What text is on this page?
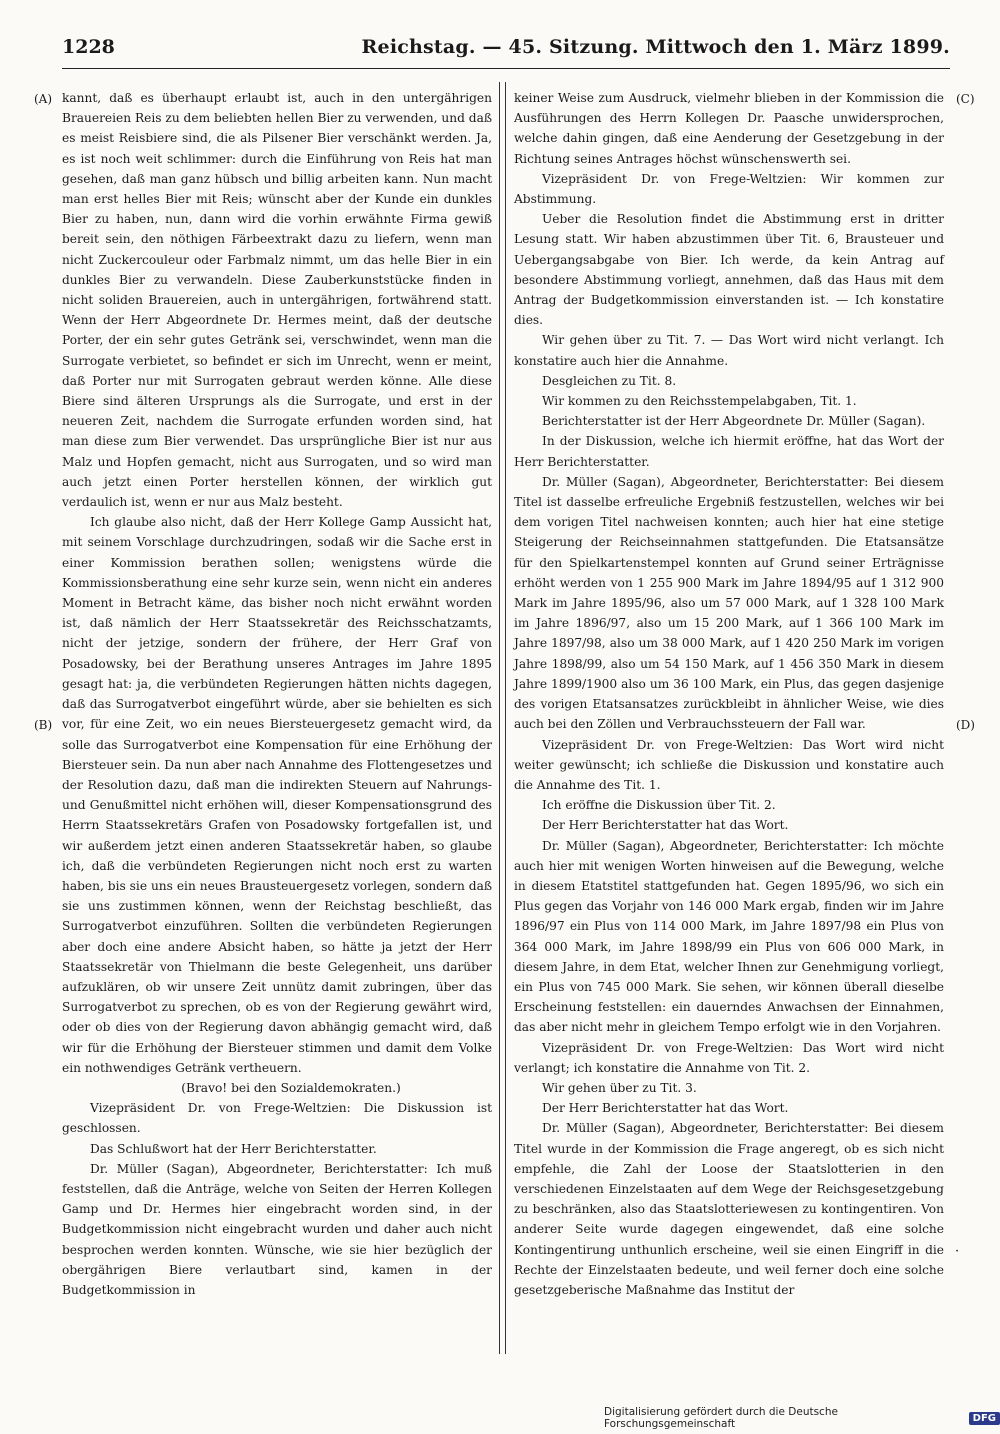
1228	Reichstag. — 45. Sitzung. Mittwoch den 1. März 1899.
(A)
(B)
(C)
(D)

kannt, daß es überhaupt erlaubt ist, auch in den untergährigen Brauereien Reis zu dem beliebten hellen Bier zu verwenden, und daß es meist Reisbiere sind, die als Pilsener Bier verschänkt werden. Ja, es ist noch weit schlimmer: durch die Einführung von Reis hat man gesehen, daß man ganz hübsch und billig arbeiten kann. Nun macht man erst helles Bier mit Reis; wünscht aber der Kunde ein dunkles Bier zu haben, nun, dann wird die vorhin erwähnte Firma gewiß bereit sein, den nöthigen Färbeextrakt dazu zu liefern, wenn man nicht Zuckercouleur oder Farbmalz nimmt, um das helle Bier in ein dunkles Bier zu verwandeln. Diese Zauberkunststücke finden in nicht soliden Brauereien, auch in untergährigen, fortwährend statt. Wenn der Herr Abgeordnete Dr. Hermes meint, daß der deutsche Porter, der ein sehr gutes Getränk sei, verschwindet, wenn man die Surrogate verbietet, so befindet er sich im Unrecht, wenn er meint, daß Porter nur mit Surrogaten gebraut werden könne. Alle diese Biere sind älteren Ursprungs als die Surrogate, und erst in der neueren Zeit, nachdem die Surrogate erfunden worden sind, hat man diese zum Bier verwendet. Das ursprüngliche Bier ist nur aus Malz und Hopfen gemacht, nicht aus Surrogaten, und so wird man auch jetzt einen Porter herstellen können, der wirklich gut verdaulich ist, wenn er nur aus Malz besteht.

Ich glaube also nicht, daß der Herr Kollege Gamp Aussicht hat, mit seinem Vorschlage durchzudringen, sodaß wir die Sache erst in einer Kommission berathen sollen; wenigstens würde die Kommissionsberathung eine sehr kurze sein, wenn nicht ein anderes Moment in Betracht käme, das bisher noch nicht erwähnt worden ist, daß nämlich der Herr Staatssekretär des Reichsschatzamts, nicht der jetzige, sondern der frühere, der Herr Graf von Posadowsky, bei der Berathung unseres Antrages im Jahre 1895 gesagt hat: ja, die verbündeten Regierungen hätten nichts dagegen, daß das Surrogatverbot eingeführt würde, aber sie behielten es sich vor, für eine Zeit, wo ein neues Biersteuergesetz gemacht wird, da solle das Surrogatverbot eine Kompensation für eine Erhöhung der Biersteuer sein. Da nun aber nach Annahme des Flottengesetzes und der Resolution dazu, daß man die indirekten Steuern auf Nahrungs- und Genußmittel nicht erhöhen will, dieser Kompensationsgrund des Herrn Staatssekretärs Grafen von Posadowsky fortgefallen ist, und wir außerdem jetzt einen anderen Staatssekretär haben, so glaube ich, daß die verbündeten Regierungen nicht noch erst zu warten haben, bis sie uns ein neues Brausteuergesetz vorlegen, sondern daß sie uns zustimmen können, wenn der Reichstag beschließt, das Surrogatverbot einzuführen. Sollten die verbündeten Regierungen aber doch eine andere Absicht haben, so hätte ja jetzt der Herr Staatssekretär von Thielmann die beste Gelegenheit, uns darüber aufzuklären, ob wir unsere Zeit unnütz damit zubringen, über das Surrogatverbot zu sprechen, ob es von der Regierung gewährt wird, oder ob dies von der Regierung davon abhängig gemacht wird, daß wir für die Erhöhung der Biersteuer stimmen und damit dem Volke ein nothwendiges Getränk vertheuern.

(Bravo! bei den Sozialdemokraten.)

Vizepräsident Dr. von Frege-Weltzien: Die Diskussion ist geschlossen.

Das Schlußwort hat der Herr Berichterstatter.

Dr. Müller (Sagan), Abgeordneter, Berichterstatter: Ich muß feststellen, daß die Anträge, welche von Seiten der Herren Kollegen Gamp und Dr. Hermes hier eingebracht worden sind, in der Budgetkommission nicht eingebracht wurden und daher auch nicht besprochen werden konnten. Wünsche, wie sie hier bezüglich der obergährigen Biere verlautbart sind, kamen in der Budgetkommission in

keiner Weise zum Ausdruck, vielmehr blieben in der Kommission die Ausführungen des Herrn Kollegen Dr. Paasche unwidersprochen, welche dahin gingen, daß eine Aenderung der Gesetzgebung in der Richtung seines Antrages höchst wünschenswerth sei.

Vizepräsident Dr. von Frege-Weltzien: Wir kommen zur Abstimmung.

Ueber die Resolution findet die Abstimmung erst in dritter Lesung statt. Wir haben abzustimmen über Tit. 6, Brausteuer und Uebergangsabgabe von Bier. Ich werde, da kein Antrag auf besondere Abstimmung vorliegt, annehmen, daß das Haus mit dem Antrag der Budgetkommission einverstanden ist. — Ich konstatire dies.

Wir gehen über zu Tit. 7. — Das Wort wird nicht verlangt. Ich konstatire auch hier die Annahme.

Desgleichen zu Tit. 8.

Wir kommen zu den Reichsstempelabgaben, Tit. 1.

Berichterstatter ist der Herr Abgeordnete Dr. Müller (Sagan).

In der Diskussion, welche ich hiermit eröffne, hat das Wort der Herr Berichterstatter.

Dr. Müller (Sagan), Abgeordneter, Berichterstatter: Bei diesem Titel ist dasselbe erfreuliche Ergebniß festzustellen, welches wir bei dem vorigen Titel nachweisen konnten; auch hier hat eine stetige Steigerung der Reichseinnahmen stattgefunden. Die Etatsansätze für den Spielkartenstempel konnten auf Grund seiner Erträgnisse erhöht werden von 1 255 900 Mark im Jahre 1894/95 auf 1 312 900 Mark im Jahre 1895/96, also um 57 000 Mark, auf 1 328 100 Mark im Jahre 1896/97, also um 15 200 Mark, auf 1 366 100 Mark im Jahre 1897/98, also um 38 000 Mark, auf 1 420 250 Mark im vorigen Jahre 1898/99, also um 54 150 Mark, auf 1 456 350 Mark in diesem Jahre 1899/1900 also um 36 100 Mark, ein Plus, das gegen dasjenige des vorigen Etatsansatzes zurückbleibt in ähnlicher Weise, wie dies auch bei den Zöllen und Verbrauchssteuern der Fall war.

Vizepräsident Dr. von Frege-Weltzien: Das Wort wird nicht weiter gewünscht; ich schließe die Diskussion und konstatire auch die Annahme des Tit. 1.

Ich eröffne die Diskussion über Tit. 2.

Der Herr Berichterstatter hat das Wort.

Dr. Müller (Sagan), Abgeordneter, Berichterstatter: Ich möchte auch hier mit wenigen Worten hinweisen auf die Bewegung, welche in diesem Etatstitel stattgefunden hat. Gegen 1895/96, wo sich ein Plus gegen das Vorjahr von 146 000 Mark ergab, finden wir im Jahre 1896/97 ein Plus von 114 000 Mark, im Jahre 1897/98 ein Plus von 364 000 Mark, im Jahre 1898/99 ein Plus von 606 000 Mark, in diesem Jahre, in dem Etat, welcher Ihnen zur Genehmigung vorliegt, ein Plus von 745 000 Mark. Sie sehen, wir können überall dieselbe Erscheinung feststellen: ein dauerndes Anwachsen der Einnahmen, das aber nicht mehr in gleichem Tempo erfolgt wie in den Vorjahren.

Vizepräsident Dr. von Frege-Weltzien: Das Wort wird nicht verlangt; ich konstatire die Annahme von Tit. 2.

Wir gehen über zu Tit. 3.

Der Herr Berichterstatter hat das Wort.

Dr. Müller (Sagan), Abgeordneter, Berichterstatter: Bei diesem Titel wurde in der Kommission die Frage angeregt, ob es sich nicht empfehle, die Zahl der Loose der Staatslotterien in den verschiedenen Einzelstaaten auf dem Wege der Reichsgesetzgebung zu beschränken, also das Staatslotteriewesen zu kontingentiren. Von anderer Seite wurde dagegen eingewendet, daß eine solche Kontingentirung unthunlich erscheine, weil sie einen Eingriff in die Rechte der Einzelstaaten bedeute, und weil ferner doch eine solche gesetzgeberische Maßnahme das Institut der

·
Digitalisierung gefördert durch die Deutsche Forschungsgemeinschaft	DFG
